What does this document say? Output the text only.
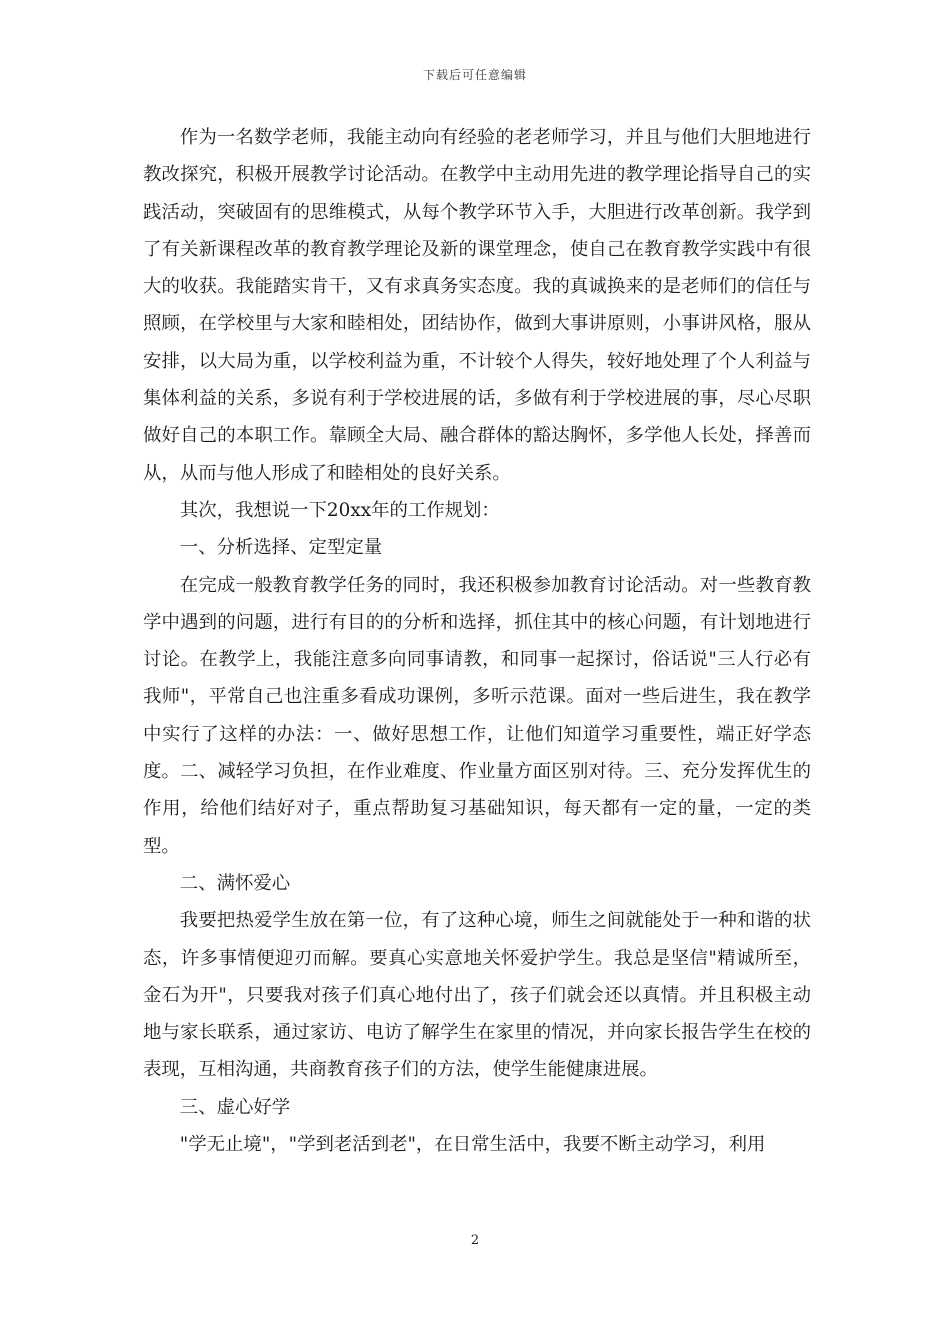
下载后可任意编辑

作为一名数学老师，我能主动向有经验的老老师学习，并且与他们大胆地进行教改探究，积极开展教学讨论活动。在教学中主动用先进的教学理论指导自己的实践活动，突破固有的思维模式，从每个教学环节入手，大胆进行改革创新。我学到了有关新课程改革的教育教学理论及新的课堂理念，使自己在教育教学实践中有很大的收获。我能踏实肯干，又有求真务实态度。我的真诚换来的是老师们的信任与照顾，在学校里与大家和睦相处，团结协作，做到大事讲原则，小事讲风格，服从安排，以大局为重，以学校利益为重，不计较个人得失，较好地处理了个人利益与集体利益的关系，多说有利于学校进展的话，多做有利于学校进展的事，尽心尽职做好自己的本职工作。靠顾全大局、融合群体的豁达胸怀，多学他人长处，择善而从，从而与他人形成了和睦相处的良好关系。

其次，我想说一下20xx年的工作规划：

一、分析选择、定型定量

在完成一般教育教学任务的同时，我还积极参加教育讨论活动。对一些教育教学中遇到的问题，进行有目的的分析和选择，抓住其中的核心问题，有计划地进行讨论。在教学上，我能注意多向同事请教，和同事一起探讨，俗话说"三人行必有我师"，平常自己也注重多看成功课例，多听示范课。面对一些后进生，我在教学中实行了这样的办法：一、做好思想工作，让他们知道学习重要性，端正好学态度。二、减轻学习负担，在作业难度、作业量方面区别对待。三、充分发挥优生的作用，给他们结好对子，重点帮助复习基础知识，每天都有一定的量，一定的类型。

二、满怀爱心

我要把热爱学生放在第一位，有了这种心境，师生之间就能处于一种和谐的状态，许多事情便迎刃而解。要真心实意地关怀爱护学生。我总是坚信"精诚所至，金石为开"，只要我对孩子们真心地付出了，孩子们就会还以真情。并且积极主动地与家长联系，通过家访、电访了解学生在家里的情况，并向家长报告学生在校的表现，互相沟通，共商教育孩子们的方法，使学生能健康进展。

三、虚心好学

"学无止境"，"学到老活到老"，在日常生活中，我要不断主动学习，利用

2
